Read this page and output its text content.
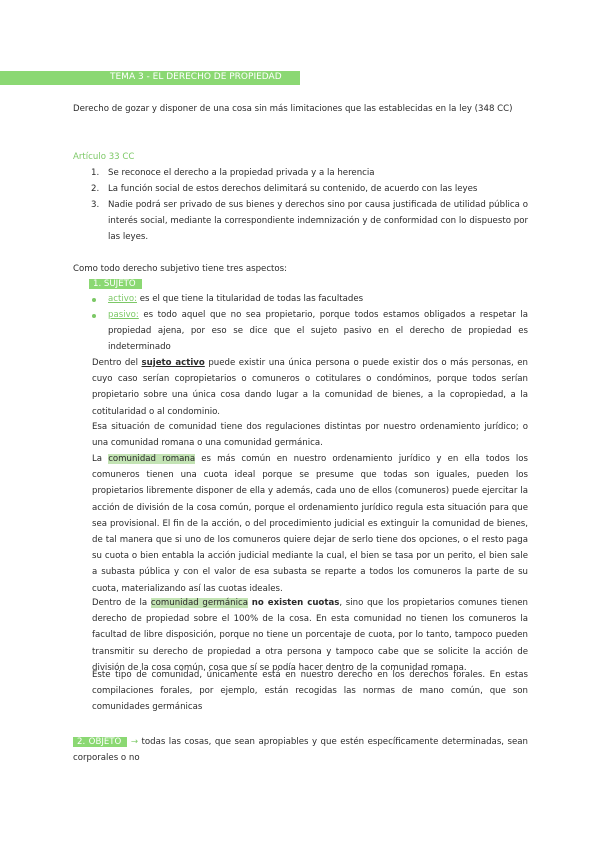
TEMA 3 - EL DERECHO DE PROPIEDAD
Derecho de gozar y disponer de una cosa sin más limitaciones que las establecidas en la ley (348 CC)
Artículo 33 CC
1. Se reconoce el derecho a la propiedad privada y a la herencia
2. La función social de estos derechos delimitará su contenido, de acuerdo con las leyes
3. Nadie podrá ser privado de sus bienes y derechos sino por causa justificada de utilidad pública o interés social, mediante la correspondiente indemnización y de conformidad con lo dispuesto por las leyes.
Como todo derecho subjetivo tiene tres aspectos:
1. SUJETO
activo: es el que tiene la titularidad de todas las facultades
pasivo: es todo aquel que no sea propietario, porque todos estamos obligados a respetar la propiedad ajena, por eso se dice que el sujeto pasivo en el derecho de propiedad es indeterminado
Dentro del sujeto activo puede existir una única persona o puede existir dos o más personas, en cuyo caso serían copropietarios o comuneros o cotitulares o condóminos, porque todos serían propietario sobre una única cosa dando lugar a la comunidad de bienes, a la copropiedad, a la cotitularidad o al condominio.
Esa situación de comunidad tiene dos regulaciones distintas por nuestro ordenamiento jurídico; o una comunidad romana o una comunidad germánica.
La comunidad romana es más común en nuestro ordenamiento jurídico y en ella todos los comuneros tienen una cuota ideal porque se presume que todas son iguales, pueden los propietarios libremente disponer de ella y además, cada uno de ellos (comuneros) puede ejercitar la acción de división de la cosa común, porque el ordenamiento jurídico regula esta situación para que sea provisional. El fin de la acción, o del procedimiento judicial es extinguir la comunidad de bienes, de tal manera que si uno de los comuneros quiere dejar de serlo tiene dos opciones, o el resto paga su cuota o bien entabla la acción judicial mediante la cual, el bien se tasa por un perito, el bien sale a subasta pública y con el valor de esa subasta se reparte a todos los comuneros la parte de su cuota, materializando así las cuotas ideales.
Dentro de la comunidad germánica no existen cuotas, sino que los propietarios comunes tienen derecho de propiedad sobre el 100% de la cosa. En esta comunidad no tienen los comuneros la facultad de libre disposición, porque no tiene un porcentaje de cuota, por lo tanto, tampoco pueden transmitir su derecho de propiedad a otra persona y tampoco cabe que se solicite la acción de división de la cosa común, cosa que sí se podía hacer dentro de la comunidad romana.
Este tipo de comunidad, únicamente está en nuestro derecho en los derechos forales. En estas compilaciones forales, por ejemplo, están recogidas las normas de mano común, que son comunidades germánicas
2. OBJETO → todas las cosas, que sean apropiables y que estén específicamente determinadas, sean corporales o no
